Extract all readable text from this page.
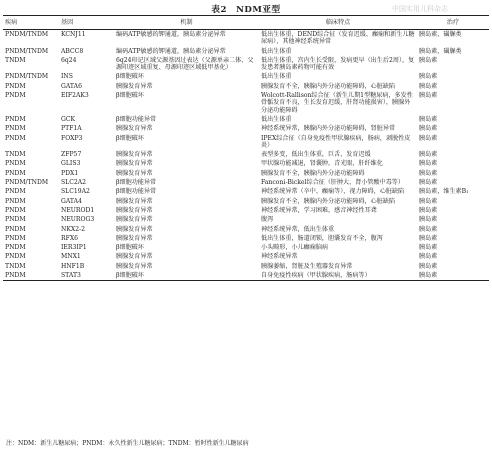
表2　NDM亚型	中国实用儿科杂志
疾病	基因	机制	临床特点	治疗
PNDM/TNDM	KCNJ11	编码ATP敏感的钾通道，胰岛素分泌异常	低出生体重，DEND综合征（发育迟缓、癫痫和新生儿糖尿病），其他神经系统异常	胰岛素，磺脲类
PNDM/TNDM	ABCC8	编码ATP敏感的钾通道，胰岛素分泌异常	低出生体重	胰岛素，磺脲类
TNDM	6q24	6q24印记区域父源基因过表达（父源单亲二体、父源印迹区域重复、母源印迹区域低甲基化）	低出生体重，宫内生长受限，发病更早（出生后2周），复发患者胰岛素药物可能有效	胰岛素
PNDM/TNDM	INS	β细胞破坏	低出生体重	胰岛素
PNDM	GATA6	胰腺发育异常	胰腺发育不全，胰腺内外分泌功能障碍，心脏缺陷	胰岛素
PNDM	EIF2AK3	β细胞破坏	Wolcott-Rallison综合征（新生儿期1型糖尿病，多发性骨骺发育不良，生长发育迟缓，肝肾功能损害），胰腺外分泌功能障碍	胰岛素
PNDM	GCK	β细胞功能异常	低出生体重	胰岛素
PNDM	PTF1A	胰腺发育异常	神经系统异常，胰腺内外分泌功能障碍，肾脏异常	胰岛素
PNDM	FOXP3	β细胞破坏	IPEX综合征（自身免疫性甲状腺疾病，肠病，剥脱性皮炎）	胰岛素
TNDM	ZFP57	胰腺发育异常	表型多变，低出生体重，巨舌，发育迟缓	胰岛素
PNDM	GLIS3	胰腺发育异常	甲状腺功能减退，肾囊肿，青光眼，肝纤维化	胰岛素
PNDM	PDX1	胰腺发育异常	胰腺发育不全，胰腺内外分泌功能障碍	胰岛素
PNDM/TNDM	SLC2A2	β细胞功能异常	Fanconi-Bickel综合征（肝肿大、肾小管酸中毒等）	胰岛素
PNDM	SLC19A2	β细胞功能异常	神经系统异常（卒中、癫痫等），视力障碍，心脏缺陷	胰岛素，维生素B₁
PNDM	GATA4	胰腺发育异常	胰腺发育不全，胰腺内外分泌功能障碍，心脏缺陷	胰岛素
PNDM	NEUROD1	胰腺发育异常	神经系统异常，学习困难，感音神经性耳聋	胰岛素
PNDM	NEUROG3	胰腺发育异常	腹泻	胰岛素
PNDM	NKX2-2	胰腺发育异常	神经系统异常，低出生体重	胰岛素
PNDM	RFX6	胰腺发育异常	低出生体重，肠道闭锁，胆囊发育不全，腹泻	胰岛素
PNDM	IER3IP1	β细胞破坏	小头畸形，小儿癫痫脑病	胰岛素
PNDM	MNX1	胰腺发育异常	神经系统异常	胰岛素
TNDM	HNF1B	胰腺发育异常	胰腺萎缩，肾脏及生殖器发育异常	胰岛素
PNDM	STAT3	β细胞破坏	自身免疫性疾病（甲状腺疾病，肠病等）	胰岛素
注：NDM：新生儿糖尿病；PNDM：永久性新生儿糖尿病；TNDM：暂时性新生儿糖尿病
